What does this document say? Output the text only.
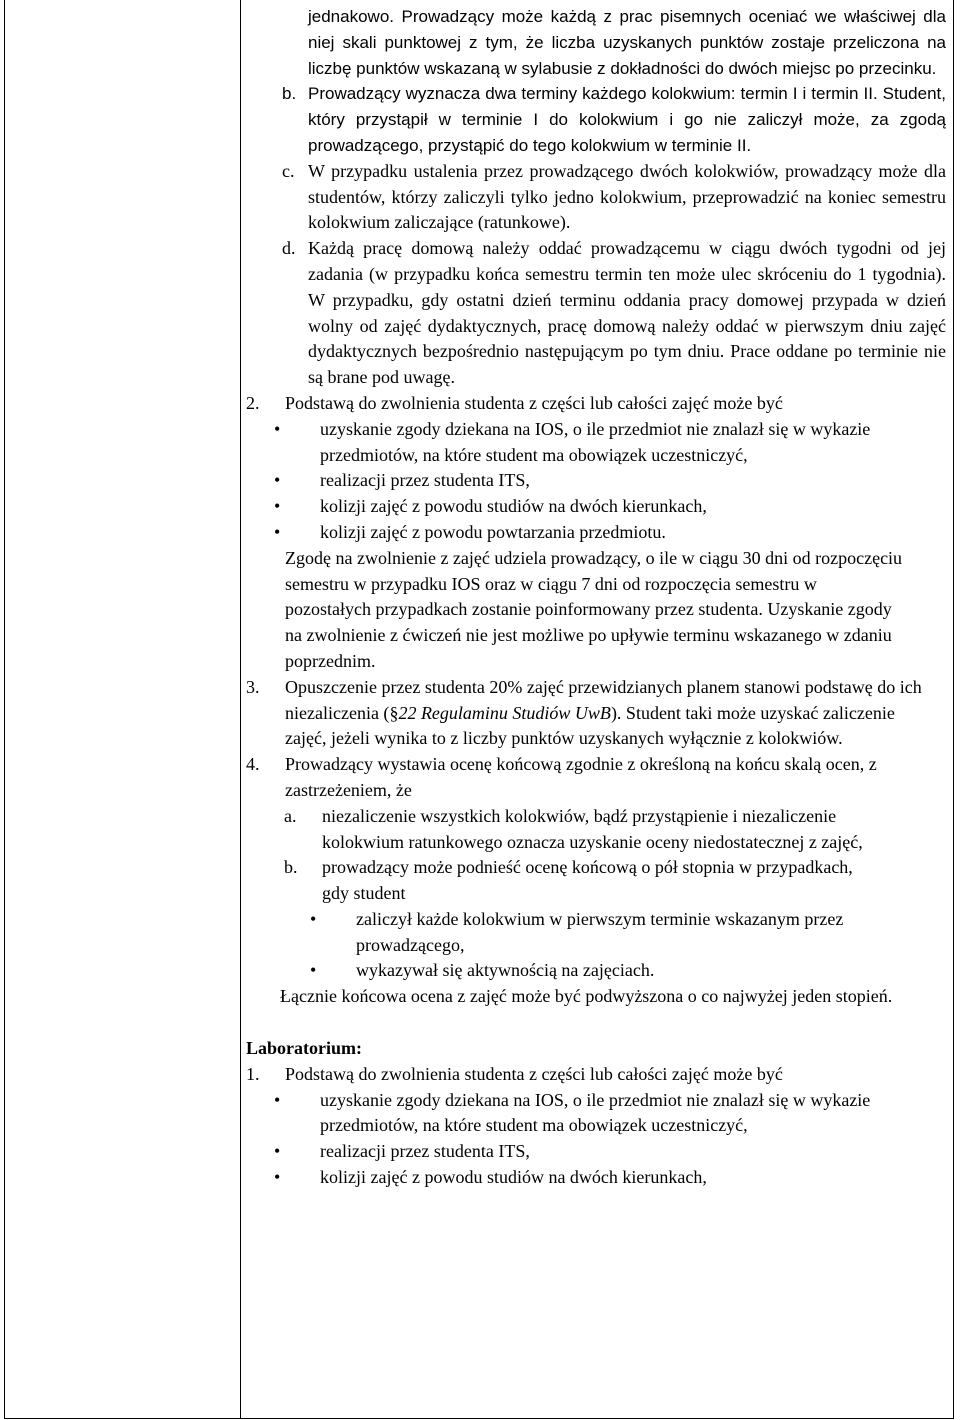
jednakowo. Prowadzący może każdą z prac pisemnych oceniać we właściwej dla niej skali punktowej z tym, że liczba uzyskanych punktów zostaje przeliczona na liczbę punktów wskazaną w sylabusie z dokładności do dwóch miejsc po przecinku.

b. Prowadzący wyznacza dwa terminy każdego kolokwium: termin I i termin II. Student, który przystąpił w terminie I do kolokwium i go nie zaliczył może, za zgodą prowadzącego, przystąpić do tego kolokwium w terminie II.
c. W przypadku ustalenia przez prowadzącego dwóch kolokwiów, prowadzący może dla studentów, którzy zaliczyli tylko jedno kolokwium, przeprowadzić na koniec semestru kolokwium zaliczające (ratunkowe).
d. Każdą pracę domową należy oddać prowadzącemu w ciągu dwóch tygodni od jej zadania (w przypadku końca semestru termin ten może ulec skróceniu do 1 tygodnia). W przypadku, gdy ostatni dzień terminu oddania pracy domowej przypada w dzień wolny od zajęć dydaktycznych, pracę domową należy oddać w pierwszym dniu zajęć dydaktycznych bezpośrednio następującym po tym dniu. Prace oddane po terminie nie są brane pod uwagę.
2. Podstawą do zwolnienia studenta z części lub całości zajęć może być
• uzyskanie zgody dziekana na IOS, o ile przedmiot nie znalazł się w wykazie przedmiotów, na które student ma obowiązek uczestniczyć,
• realizacji przez studenta ITS,
• kolizji zajęć z powodu studiów na dwóch kierunkach,
• kolizji zajęć z powodu powtarzania przedmiotu.

Zgodę na zwolnienie z zajęć udziela prowadzący, o ile w ciągu 30 dni od rozpoczęciu semestru w przypadku IOS oraz w ciągu 7 dni od rozpoczęcia semestru w pozostałych przypadkach zostanie poinformowany przez studenta. Uzyskanie zgody na zwolnienie z ćwiczeń nie jest możliwe po upływie terminu wskazanego w zdaniu poprzednim.

3. Opuszczenie przez studenta 20% zajęć przewidzianych planem stanowi podstawę do ich niezaliczenia (§22 Regulaminu Studiów UwB). Student taki może uzyskać zaliczenie zajęć, jeżeli wynika to z liczby punktów uzyskanych wyłącznie z kolokwiów.
4. Prowadzący wystawia ocenę końcową zgodnie z określoną na końcu skalą ocen, z zastrzeżeniem, że
a. niezaliczenie wszystkich kolokwiów, bądź przystąpienie i niezaliczenie kolokwium ratunkowego oznacza uzyskanie oceny niedostatecznej z zajęć,
b. prowadzący może podnieść ocenę końcową o pół stopnia w przypadkach, gdy student
• zaliczył każde kolokwium w pierwszym terminie wskazanym przez prowadzącego,
• wykazywał się aktywnością na zajęciach.

Łącznie końcowa ocena z zajęć może być podwyższona o co najwyżej jeden stopień.

Laboratorium:

1. Podstawą do zwolnienia studenta z części lub całości zajęć może być
• uzyskanie zgody dziekana na IOS, o ile przedmiot nie znalazł się w wykazie przedmiotów, na które student ma obowiązek uczestniczyć,
• realizacji przez studenta ITS,
• kolizji zajęć z powodu studiów na dwóch kierunkach,
